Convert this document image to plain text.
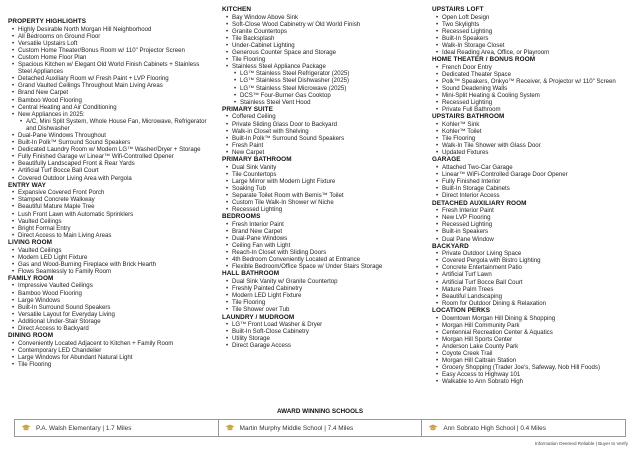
PROPERTY HIGHLIGHTS
• Highly Desirable North Morgan Hill Neighborhood
• All Bedrooms on Ground Floor
• Versatile Upstairs Loft
• Custom Home Theater/Bonus Room w/ 110" Projector Screen
• Custom Home Floor Plan
• Spacious Kitchen w/ Elegant Old World Finish Cabinets + Stainless Steel Appliances
• Detached Auxiliary Room w/ Fresh Paint + LVP Flooring
• Grand Vaulted Ceilings Throughout Main Living Areas
• Brand New Carpet
• Bamboo Wood Flooring
• Central Heating and Air Conditioning
• New Appliances in 2025:
• A/C, Mini Split System, Whole House Fan, Microwave, Refrigerator and Dishwasher
• Dual-Pane Windows Throughout
• Built-In Polk™ Surround Sound Speakers
• Dedicated Laundry Room w/ Modern LG™ Washer/Dryer + Storage
• Fully Finished Garage w/ Linear™ Wifi-Controlled Opener
• Beautifully Landscaped Front & Rear Yards
• Artificial Turf Bocce Ball Court
• Covered Outdoor Living Area with Pergola
ENTRY WAY
• Expansive Covered Front Porch
• Stamped Concrete Walkway
• Beautiful Mature Maple Tree
• Lush Front Lawn with Automatic Sprinklers
• Vaulted Ceilings
• Bright Formal Entry
• Direct Access to Main Living Areas
LIVING ROOM
• Vaulted Ceilings
• Modern LED Light Fixture
• Gas and Wood-Burning Fireplace with Brick Hearth
• Flows Seamlessly to Family Room
FAMILY ROOM
• Impressive Vaulted Ceilings
• Bamboo Wood Flooring
• Large Windows
• Built-In Surround Sound Speakers
• Versatile Layout for Everyday Living
• Additional Under-Stair Storage
• Direct Access to Backyard
DINING ROOM
• Conveniently Located Adjacent to Kitchen + Family Room
• Contemporary LED Chandelier
• Large Windows for Abundant Natural Light
• Tile Flooring
KITCHEN
• Bay Window Above Sink
• Soft-Close Wood Cabinetry w/ Old World Finish
• Granite Countertops
• Tile Backsplash
• Under-Cabinet Lighting
• Generous Counter Space and Storage
• Tile Flooring
• Stainless Steel Appliance Package
• LG™ Stainless Steel Refrigerator (2025)
• LG™ Stainless Steel Dishwasher (2025)
• LG™ Stainless Steel Microwave (2025)
• DCS™ Four-Burner Gas Cooktop
• Stainless Steel Vent Hood
PRIMARY SUITE
• Coffered Ceiling
• Private Sliding Glass Door to Backyard
• Walk-in Closet with Shelving
• Built-In Polk™ Surround Sound Speakers
• Fresh Paint
• New Carpet
PRIMARY BATHROOM
• Dual Sink Vanity
• Tile Countertops
• Large Mirror with Modern Light Fixture
• Soaking Tub
• Separate Toilet Room with Bemis™ Toilet
• Custom Tile Walk-In Shower w/ Niche
• Recessed Lighting
BEDROOMS
• Fresh Interior Paint
• Brand New Carpet
• Dual-Pane Windows
• Ceiling Fan with Light
• Reach-In Closet with Sliding Doors
• 4th Bedroom Conveniently Located at Entrance
• Flexible Bedroom/Office Space w/ Under Stairs Storage
HALL BATHROOM
• Dual Sink Vanity w/ Granite Countertop
• Freshly Painted Cabinetry
• Modern LED Light Fixture
• Tile Flooring
• Tile Shower over Tub
LAUNDRY / MUDROOM
• LG™ Front Load Washer & Dryer
• Built-In Soft-Close Cabinetry
• Utility Storage
• Direct Garage Access
UPSTAIRS LOFT
• Open Loft Design
• Two Skylights
• Recessed Lighting
• Built-In Speakers
• Walk-In Storage Closet
• Ideal Reading Area, Office, or Playroom
HOME THEATER / BONUS ROOM
• French Door Entry
• Dedicated Theater Space
• Polk™ Speakers, Onkyo™ Receiver, & Projector w/ 110" Screen
• Sound Deadening Walls
• Mini-Split Heating & Cooling System
• Recessed Lighting
• Private Full Bathroom
UPSTAIRS BATHROOM
• Kohler™ Sink
• Kohler™ Toilet
• Tile Flooring
• Walk-In Tile Shower with Glass Door
• Updated Fixtures
GARAGE
• Attached Two-Car Garage
• Linear™ WiFi-Controlled Garage Door Opener
• Fully Finished Interior
• Built-In Storage Cabinets
• Direct Interior Access
DETACHED AUXILIARY ROOM
• Fresh Interior Paint
• New LVP Flooring
• Recessed Lighting
• Built-in Speakers
• Dual Pane Window
BACKYARD
• Private Outdoor Living Space
• Covered Pergola with Bistro Lighting
• Concrete Entertainment Patio
• Artificial Turf Lawn
• Artificial Turf Bocce Ball Court
• Mature Palm Trees
• Beautiful Landscaping
• Room for Outdoor Dining & Relaxation
LOCATION PERKS
• Downtown Morgan Hill Dining & Shopping
• Morgan Hill Community Park
• Centennial Recreation Center & Aquatics
• Morgan Hill Sports Center
• Anderson Lake County Park
• Coyote Creek Trail
• Morgan Hill Caltrain Station
• Grocery Shopping (Trader Joe's, Safeway, Nob Hill Foods)
• Easy Access to Highway 101
• Walkable to Ann Sobrato High
AWARD WINNING SCHOOLS
P.A. Walsh Elementary | 1.7 Miles	Martin Murphy Middle School | 7.4 Miles	Ann Sobrato High School | 0.4 Miles
Information Deemed Reliable | Buyer to Verify
